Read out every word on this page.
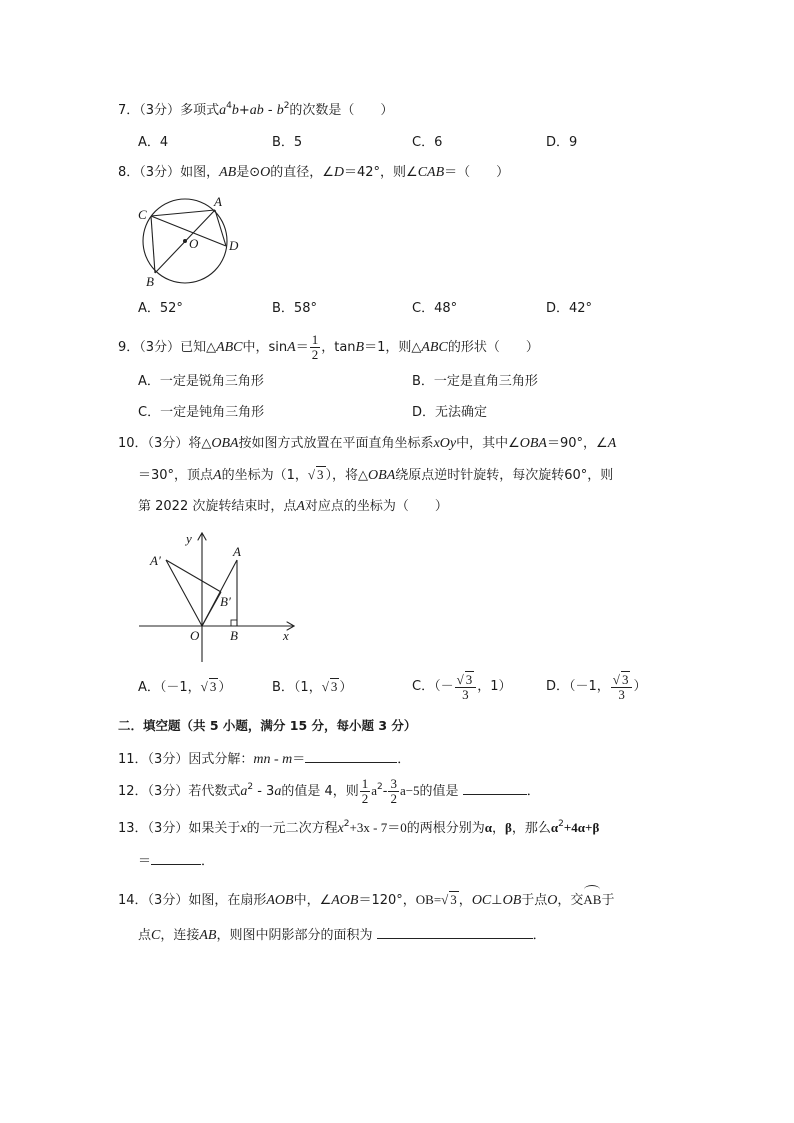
7．（3分）多项式$a^4b+ab - b^2$的次数是（　　）
A．4	B．5	C．6	D．9
8．（3分）如图，AB是⊙O的直径，∠D＝42°，则∠CAB＝（　　）
C
A
O D
B
A．52°	B．58°	C．48°	D．42°
9．（3分）已知△ABC中，$\sin A= \frac{1}{2}$ ，tanB＝1，则△ABC的形状（　　）
A．一定是锐角三角形	B．一定是直角三角形
C．一定是钝角三角形	D．无法确定
10．（3分）将△OBA按如图方式放置在平面直角坐标系xOy中，其中∠OBA＝90°，∠A
＝30°，顶点A的坐标为（1，√ 3 ），将△OBA绕原点逆时针旋转，每次旋转60°，则
第 2022 次旋转结束时，点A对应点的坐标为（　　）
y
A′
A
B′
O B	x
A．（－1，√ 3 ）	B．（1，√ 3 ）	C．（－ $\frac{√ 3}{3}$ ，1）	D．（－1， $\frac{√ 3}{3}$ ）
二．填空题（共 5 小题，满分 15 分，每小题 3 分）
11．（3分）因式分解：mn - m＝	．
12．（3分）若代数式$a^2 - 3a$的值是 4，则 $\frac{1}{2} a^2- \frac{3}{2} a-5$的值是	．
13．（3分）如果关于x的一元二次方程$x^2+3x - 7=0$的两根分别为α，β，那么$\alpha^2+4\alpha+\beta$
＝	．
14．（3分）如图，在扇形AOB中，∠AOB＝120°，OB=√ 3 ，OC⊥OB于点O，交AB于
点C，连接AB，则图中阴影部分的面积为	．
